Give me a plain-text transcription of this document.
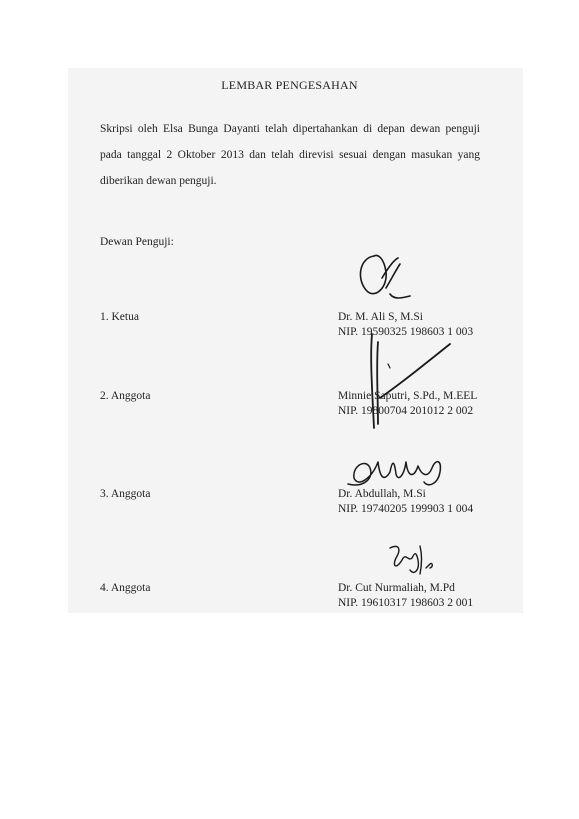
LEMBAR PENGESAHAN
Skripsi oleh Elsa Bunga Dayanti telah dipertahankan di depan dewan penguji pada tanggal 2 Oktober 2013 dan telah direvisi sesuai dengan masukan yang diberikan dewan penguji.
Dewan Penguji:
1. Ketua	Dr. M. Ali S, M.Si
NIP. 19590325 198603 1 003
2. Anggota	Minnie Saputri, S.Pd., M.EEL
NIP. 19800704 201012 2 002
3. Anggota	Dr. Abdullah, M.Si
NIP. 19740205 199903 1 004
4. Anggota	Dr. Cut Nurmaliah, M.Pd
NIP. 19610317 198603 2 001
